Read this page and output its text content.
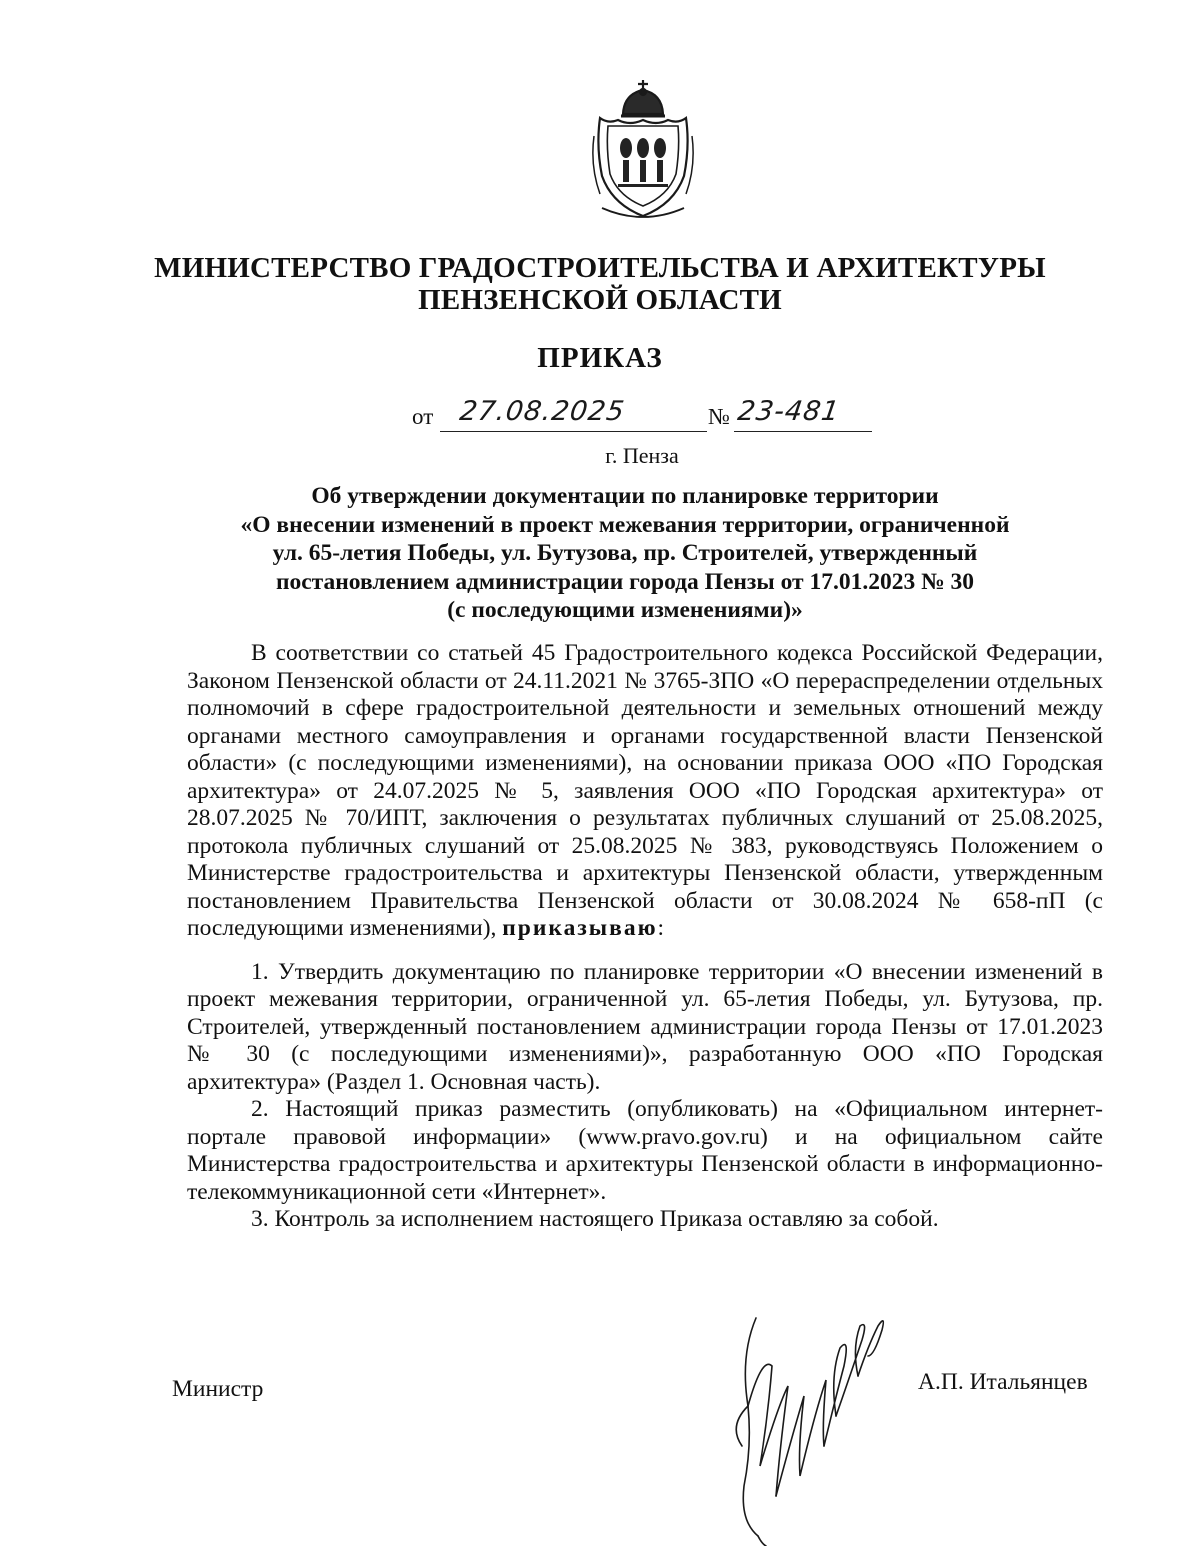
МИНИСТЕРСТВО ГРАДОСТРОИТЕЛЬСТВА И АРХИТЕКТУРЫ
ПЕНЗЕНСКОЙ ОБЛАСТИ
ПРИКАЗ
от 27.08.2025	№ 23-481
г. Пенза
Об утверждении документации по планировке территории
«О внесении изменений в проект межевания территории, ограниченной
ул. 65-летия Победы, ул. Бутузова, пр. Строителей, утвержденный
постановлением администрации города Пензы от 17.01.2023 № 30
(с последующими изменениями)»

В соответствии со статьей 45 Градостроительного кодекса Российской Федерации, Законом Пензенской области от 24.11.2021 № 3765-ЗПО «О перераспределении отдельных полномочий в сфере градостроительной деятельности и земельных отношений между органами местного самоуправления и органами государственной власти Пензенской области» (с последующими изменениями), на основании приказа ООО «ПО Городская архитектура» от 24.07.2025 № 5, заявления ООО «ПО Городская архитектура» от 28.07.2025 № 70/ИПТ, заключения о результатах публичных слушаний от 25.08.2025, протокола публичных слушаний от 25.08.2025 № 383, руководствуясь Положением о Министерстве градостроительства и архитектуры Пензенской области, утвержденным постановлением Правительства Пензенской области от 30.08.2024 № 658-пП (с последующими изменениями), приказываю:

1. Утвердить документацию по планировке территории «О внесении изменений в проект межевания территории, ограниченной ул. 65-летия Победы, ул. Бутузова, пр. Строителей, утвержденный постановлением администрации города Пензы от 17.01.2023 № 30 (с последующими изменениями)», разработанную ООО «ПО Городская архитектура» (Раздел 1. Основная часть).

2. Настоящий приказ разместить (опубликовать) на «Официальном интернет-портале правовой информации» (www.pravo.gov.ru) и на официальном сайте Министерства градостроительства и архитектуры Пензенской области в информационно-телекоммуникационной сети «Интернет».

3. Контроль за исполнением настоящего Приказа оставляю за собой.

Министр	А.П. Итальянцев
